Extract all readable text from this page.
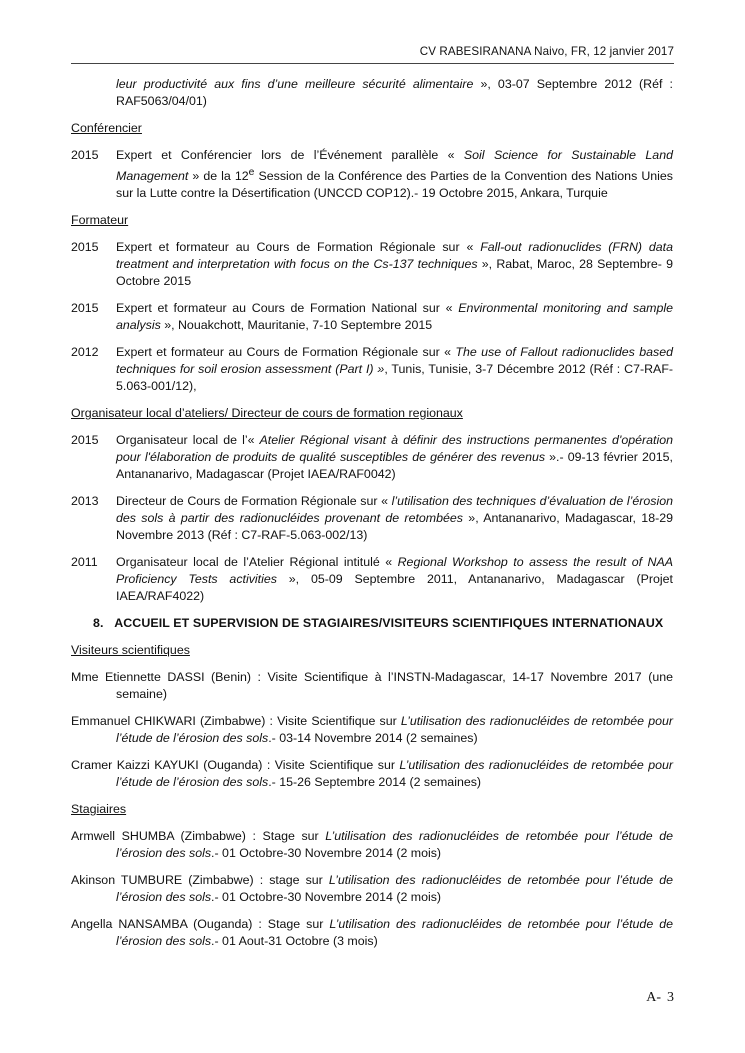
CV RABESIRANANA Naivo, FR, 12 janvier 2017

leur productivité aux fins d’une meilleure sécurité alimentaire », 03-07 Septembre 2012 (Réf : RAF5063/04/01)

Conférencier
2015	Expert et Conférencier lors de l’Événement parallèle « Soil Science for Sustainable Land Management » de la 12e Session de la Conférence des Parties de la Convention des Nations Unies sur la Lutte contre la Désertification (UNCCD COP12).- 19 Octobre 2015, Ankara, Turquie
Formateur
2015	Expert et formateur au Cours de Formation Régionale sur « Fall-out radionuclides (FRN) data treatment and interpretation with focus on the Cs-137 techniques », Rabat, Maroc, 28 Septembre- 9 Octobre 2015
2015	Expert et formateur au Cours de Formation National sur « Environmental monitoring and sample analysis », Nouakchott, Mauritanie, 7-10 Septembre 2015
2012	Expert et formateur au Cours de Formation Régionale sur « The use of Fallout radionuclides based techniques for soil erosion assessment (Part I) », Tunis, Tunisie, 3-7 Décembre 2012 (Réf : C7-RAF-5.063-001/12),
Organisateur local d’ateliers/ Directeur de cours de formation regionaux
2015	Organisateur local de l’« Atelier Régional visant à définir des instructions permanentes d'opération pour l'élaboration de produits de qualité susceptibles de générer des revenus ».- 09-13 février 2015, Antananarivo, Madagascar (Projet IAEA/RAF0042)
2013	Directeur de Cours de Formation Régionale sur « l’utilisation des techniques d’évaluation de l’érosion des sols à partir des radionucléides provenant de retombées », Antananarivo, Madagascar, 18-29 Novembre 2013 (Réf : C7-RAF-5.063-002/13)
2011	Organisateur local de l’Atelier Régional intitulé « Regional Workshop to assess the result of NAA Proficiency Tests activities », 05-09 Septembre 2011, Antananarivo, Madagascar (Projet IAEA/RAF4022)
8. ACCUEIL ET SUPERVISION DE STAGIAIRES/VISITEURS SCIENTIFIQUES INTERNATIONAUX
Visiteurs scientifiques

Mme Etiennette DASSI (Benin) : Visite Scientifique à l’INSTN-Madagascar, 14-17 Novembre 2017 (une semaine)

Emmanuel CHIKWARI (Zimbabwe) : Visite Scientifique sur L’utilisation des radionucléides de retombée pour l’étude de l’érosion des sols.- 03-14 Novembre 2014 (2 semaines)

Cramer Kaizzi KAYUKI (Ouganda) : Visite Scientifique sur L’utilisation des radionucléides de retombée pour l’étude de l’érosion des sols.- 15-26 Septembre 2014 (2 semaines)

Stagiaires

Armwell SHUMBA (Zimbabwe) : Stage sur L’utilisation des radionucléides de retombée pour l’étude de l’érosion des sols.- 01 Octobre-30 Novembre 2014 (2 mois)

Akinson TUMBURE (Zimbabwe) : stage sur L’utilisation des radionucléides de retombée pour l’étude de l’érosion des sols.- 01 Octobre-30 Novembre 2014 (2 mois)

Angella NANSAMBA (Ouganda) : Stage sur L’utilisation des radionucléides de retombée pour l’étude de l’érosion des sols.- 01 Aout-31 Octobre (3 mois)

A- 3
